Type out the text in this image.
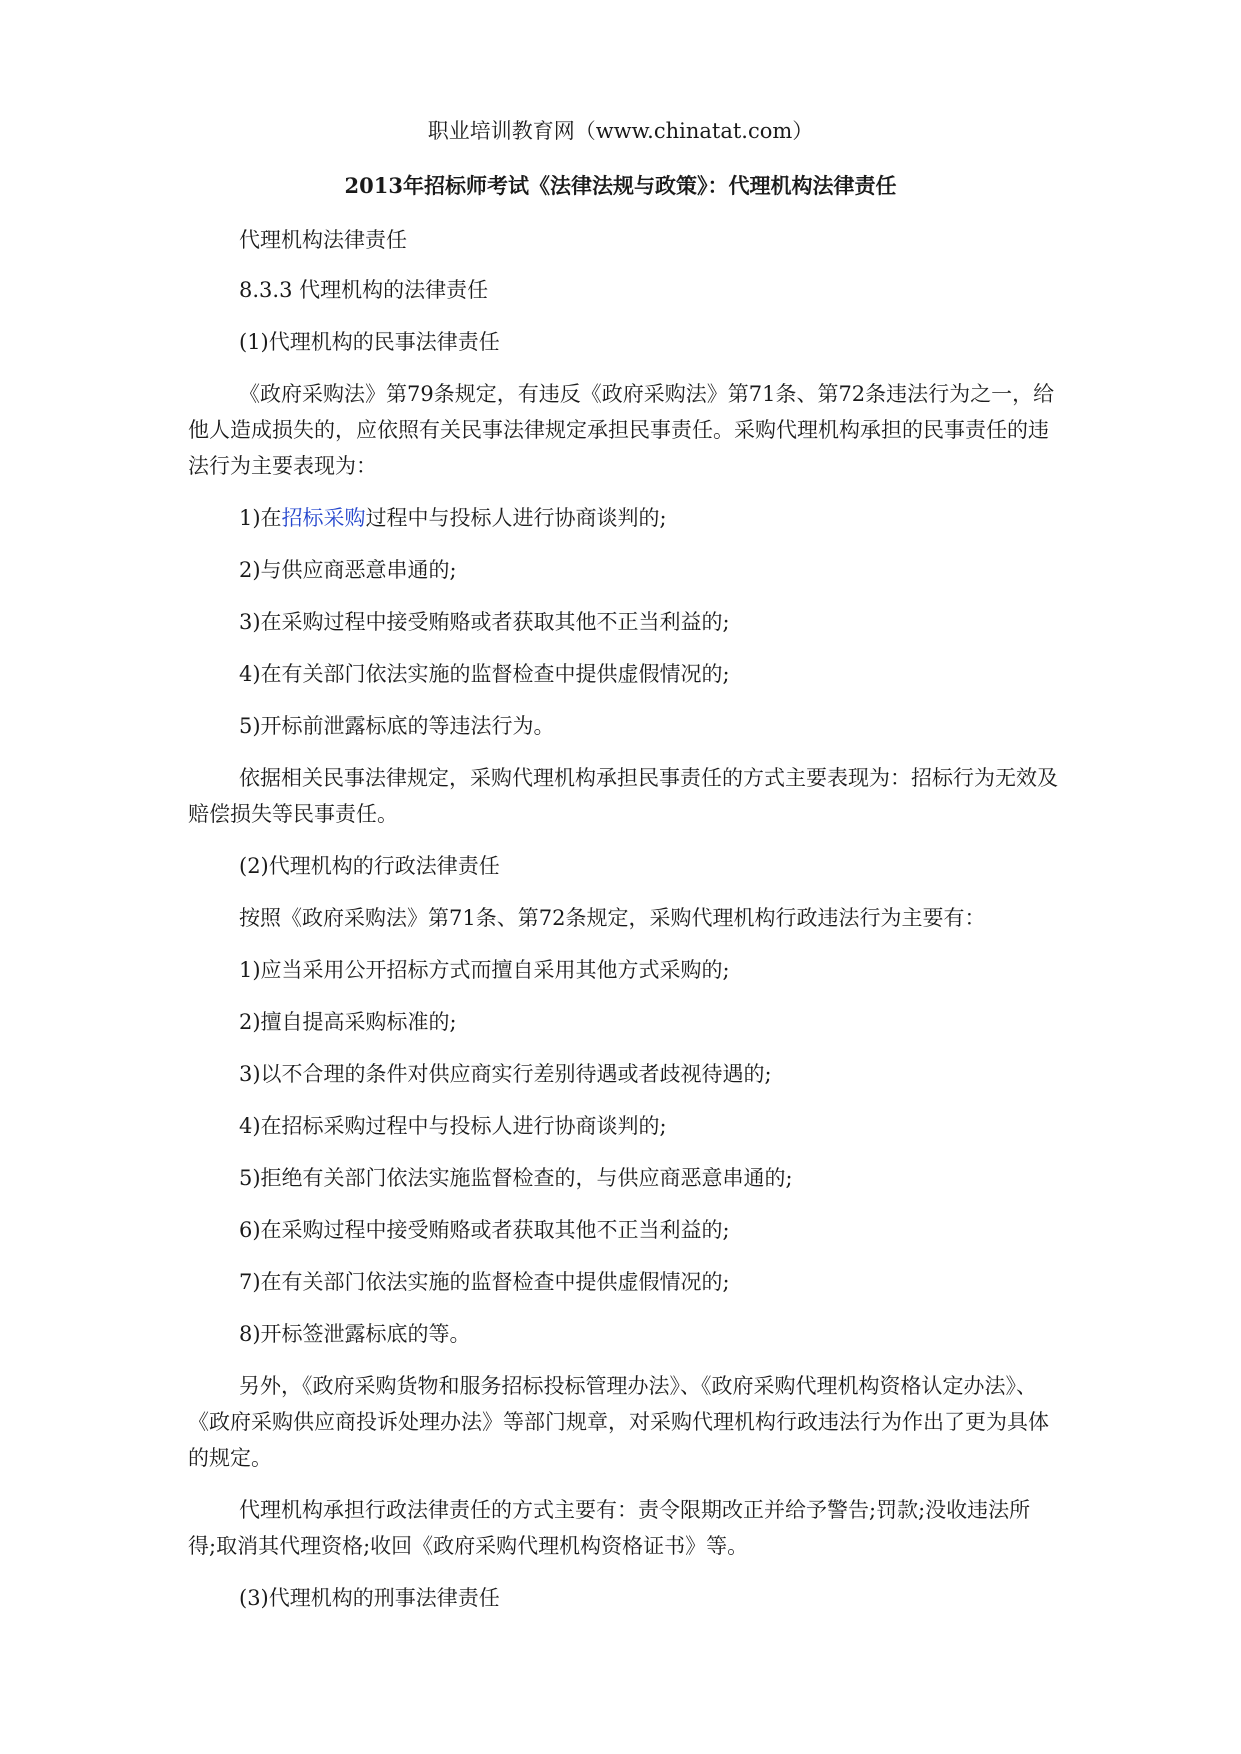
职业培训教育网（www.chinatat.com）
2013年招标师考试《法律法规与政策》：代理机构法律责任

代理机构法律责任

8.3.3 代理机构的法律责任

(1)代理机构的民事法律责任

《政府采购法》第79条规定，有违反《政府采购法》第71条、第72条违法行为之一，给他人造成损失的，应依照有关民事法律规定承担民事责任。采购代理机构承担的民事责任的违法行为主要表现为：

1)在招标采购过程中与投标人进行协商谈判的;

2)与供应商恶意串通的;

3)在采购过程中接受贿赂或者获取其他不正当利益的;

4)在有关部门依法实施的监督检查中提供虚假情况的;

5)开标前泄露标底的等违法行为。

依据相关民事法律规定，采购代理机构承担民事责任的方式主要表现为：招标行为无效及赔偿损失等民事责任。

(2)代理机构的行政法律责任

按照《政府采购法》第71条、第72条规定，采购代理机构行政违法行为主要有：

1)应当采用公开招标方式而擅自采用其他方式采购的;

2)擅自提高采购标准的;

3)以不合理的条件对供应商实行差别待遇或者歧视待遇的;

4)在招标采购过程中与投标人进行协商谈判的;

5)拒绝有关部门依法实施监督检查的，与供应商恶意串通的;

6)在采购过程中接受贿赂或者获取其他不正当利益的;

7)在有关部门依法实施的监督检查中提供虚假情况的;

8)开标签泄露标底的等。

另外，《政府采购货物和服务招标投标管理办法》、《政府采购代理机构资格认定办法》、《政府采购供应商投诉处理办法》等部门规章，对采购代理机构行政违法行为作出了更为具体的规定。

代理机构承担行政法律责任的方式主要有：责令限期改正并给予警告;罚款;没收违法所得;取消其代理资格;收回《政府采购代理机构资格证书》等。

(3)代理机构的刑事法律责任
